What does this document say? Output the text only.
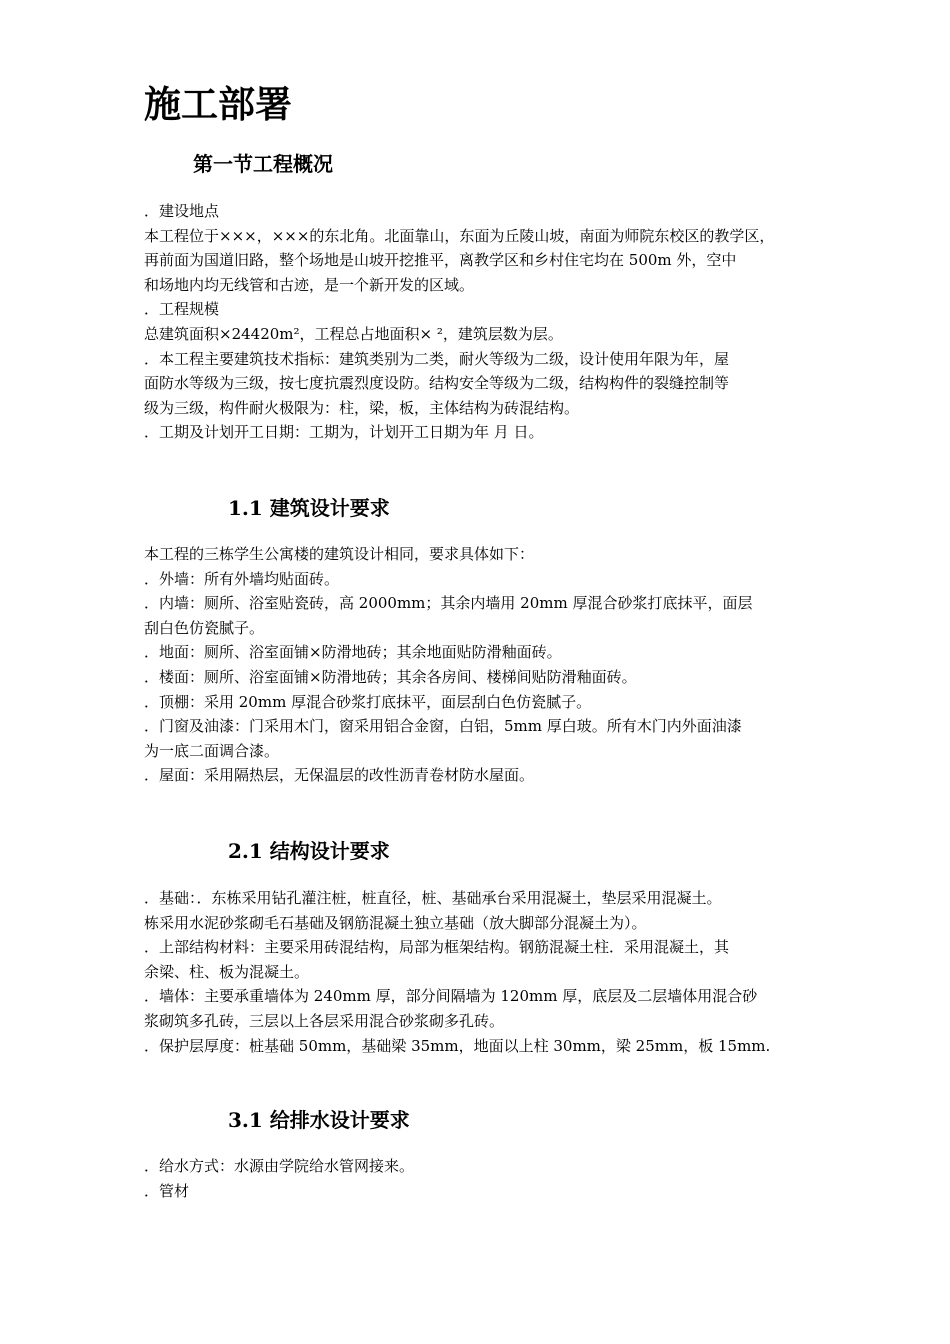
施工部署
第一节工程概况
．建设地点
本工程位于×××，×××的东北角。北面靠山，东面为丘陵山坡，南面为师院东校区的教学区，
再前面为国道旧路，整个场地是山坡开挖推平，离教学区和乡村住宅均在 500m 外，空中
和场地内均无线管和古迹，是一个新开发的区域。
．工程规模
总建筑面积×24420m²，工程总占地面积× ²，建筑层数为层。
．本工程主要建筑技术指标：建筑类别为二类，耐火等级为二级，设计使用年限为年，屋
面防水等级为三级，按七度抗震烈度设防。结构安全等级为二级，结构构件的裂缝控制等
级为三级，构件耐火极限为：柱，梁，板，主体结构为砖混结构。
．工期及计划开工日期：工期为，计划开工日期为年 月 日。
1.1 建筑设计要求
本工程的三栋学生公寓楼的建筑设计相同，要求具体如下：
．外墙：所有外墙均贴面砖。
．内墙：厕所、浴室贴瓷砖，高 2000mm；其余内墙用 20mm 厚混合砂浆打底抹平，面层
刮白色仿瓷腻子。
．地面：厕所、浴室面铺×防滑地砖；其余地面贴防滑釉面砖。
．楼面：厕所、浴室面铺×防滑地砖；其余各房间、楼梯间贴防滑釉面砖。
．顶棚：采用 20mm 厚混合砂浆打底抹平，面层刮白色仿瓷腻子。
．门窗及油漆：门采用木门，窗采用铝合金窗，白铝，5mm 厚白玻。所有木门内外面油漆
为一底二面调合漆。
．屋面：采用隔热层，无保温层的改性沥青卷材防水屋面。
2.1 结构设计要求
．基础：．东栋采用钻孔灌注桩，桩直径，桩、基础承台采用混凝土，垫层采用混凝土。
栋采用水泥砂浆砌毛石基础及钢筋混凝土独立基础（放大脚部分混凝土为）。
．上部结构材料：主要采用砖混结构，局部为框架结构。钢筋混凝土柱．采用混凝土，其
余梁、柱、板为混凝土。
．墙体：主要承重墙体为 240mm 厚，部分间隔墙为 120mm 厚，底层及二层墙体用混合砂
浆砌筑多孔砖，三层以上各层采用混合砂浆砌多孔砖。
．保护层厚度：桩基础 50mm，基础梁 35mm，地面以上柱 30mm，梁 25mm，板 15mm.
3.1 给排水设计要求
．给水方式：水源由学院给水管网接来。
．管材
